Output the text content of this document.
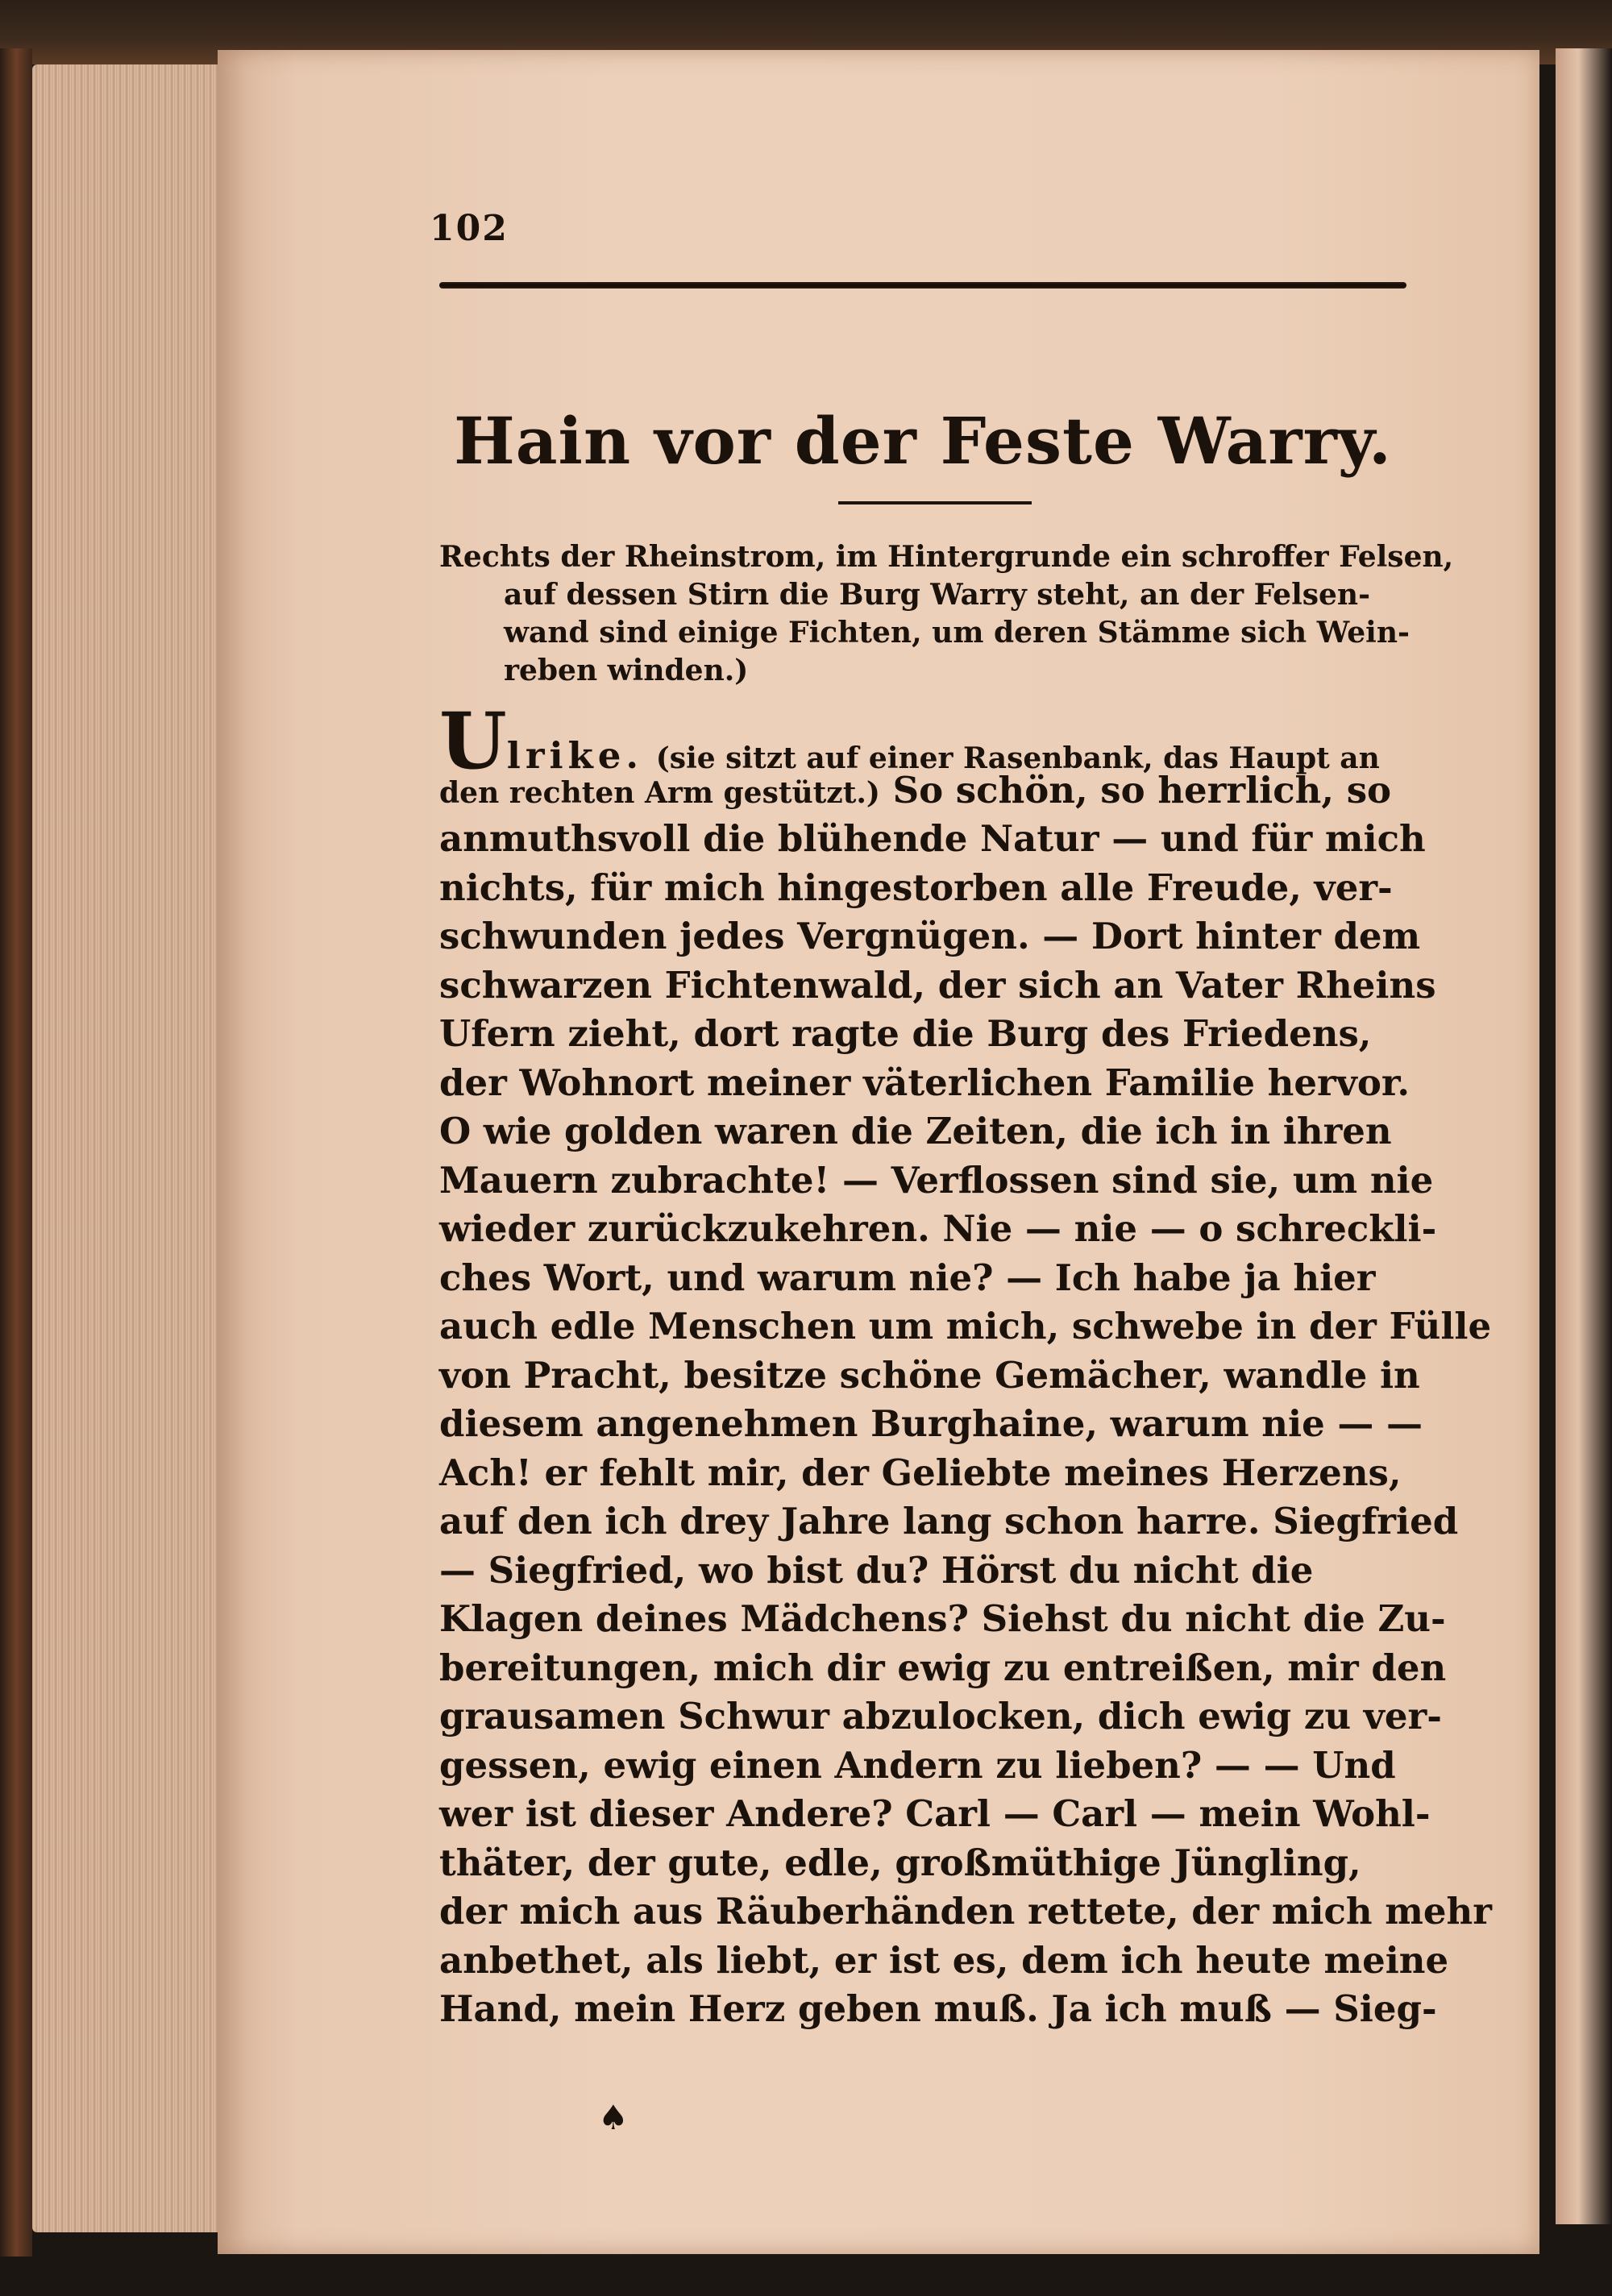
102
Hain vor der Feste Warry.
Rechts der Rheinstrom, im Hintergrunde ein schroffer Felsen,
auf dessen Stirn die Burg Warry steht, an der Felsen-
wand sind einige Fichten, um deren Stämme sich Wein-
reben winden.)
Ulrike. (sie sitzt auf einer Rasenbank, das Haupt an
den rechten Arm gestützt.) So schön, so herrlich, so
anmuthsvoll die blühende Natur — und für mich
nichts, für mich hingestorben alle Freude, ver-
schwunden jedes Vergnügen. — Dort hinter dem
schwarzen Fichtenwald, der sich an Vater Rheins
Ufern zieht, dort ragte die Burg des Friedens,
der Wohnort meiner väterlichen Familie hervor.
O wie golden waren die Zeiten, die ich in ihren
Mauern zubrachte! — Verflossen sind sie, um nie
wieder zurückzukehren. Nie — nie — o schreckli-
ches Wort, und warum nie? — Ich habe ja hier
auch edle Menschen um mich, schwebe in der Fülle
von Pracht, besitze schöne Gemächer, wandle in
diesem angenehmen Burghaine, warum nie — —
Ach! er fehlt mir, der Geliebte meines Herzens,
auf den ich drey Jahre lang schon harre. Siegfried
— Siegfried, wo bist du? Hörst du nicht die
Klagen deines Mädchens? Siehst du nicht die Zu-
bereitungen, mich dir ewig zu entreißen, mir den
grausamen Schwur abzulocken, dich ewig zu ver-
gessen, ewig einen Andern zu lieben? — — Und
wer ist dieser Andere? Carl — Carl — mein Wohl-
thäter, der gute, edle, großmüthige Jüngling,
der mich aus Räuberhänden rettete, der mich mehr
anbethet, als liebt, er ist es, dem ich heute meine
Hand, mein Herz geben muß. Ja ich muß — Sieg-
♠
